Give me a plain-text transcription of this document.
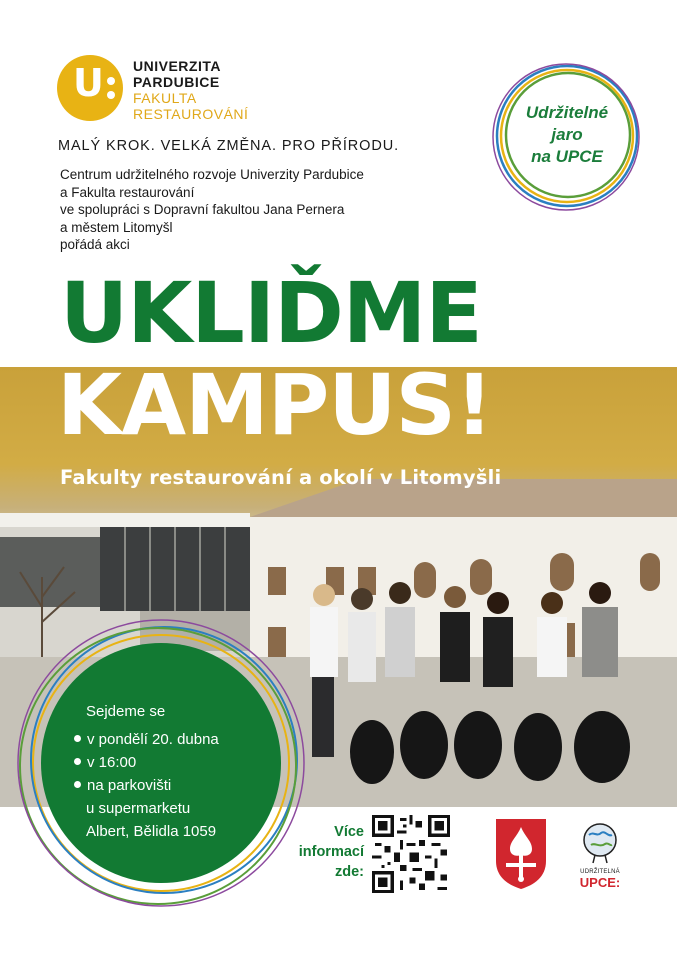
U UNIVERZITA
PARDUBICE
FAKULTA
RESTAUROVÁNÍ
MALÝ KROK. VELKÁ ZMĚNA. PRO PŘÍRODU.
Centrum udržitelného rozvoje Univerzity Pardubice
a Fakulta restaurování
ve spolupráci s Dopravní fakultou Jana Pernera
a městem Litomyšl
pořádá akci
Udržitelné
jaro
na UPCE
UKLIĎME
KAMPUS!
Fakulty restaurování a okolí v Litomyšli
Sejdeme se
v pondělí 20. dubna
v 16:00
na parkovišti
u supermarketu
Albert, Bělidla 1059	Více
informací
zde:	UDRŽITELNÁ
UPCE:
